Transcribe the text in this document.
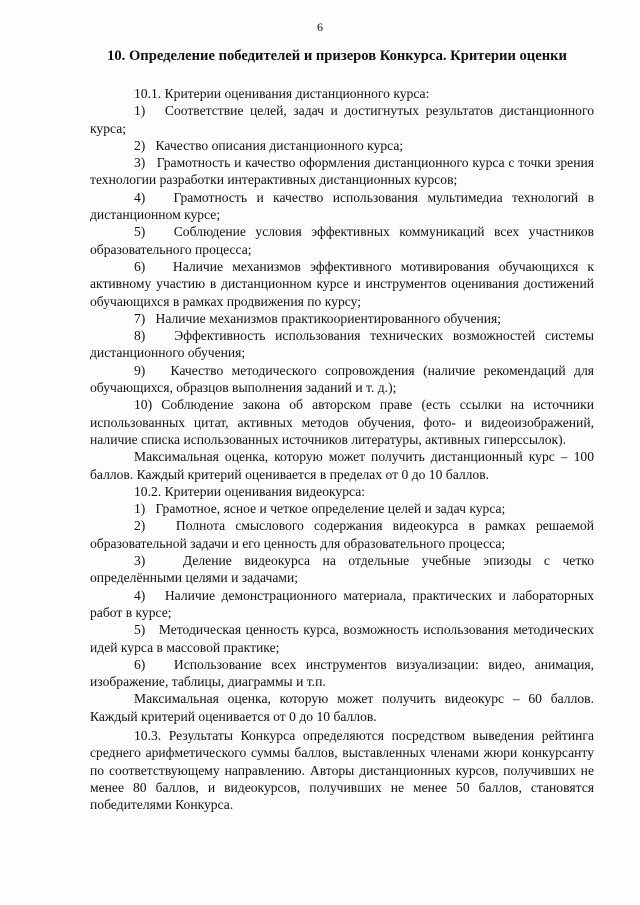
6
10. Определение победителей и призеров Конкурса. Критерии оценки

10.1. Критерии оценивания дистанционного курса:

1)   Соответствие целей, задач и достигнутых результатов дистанционного курса;

2)   Качество описания дистанционного курса;

3)   Грамотность и качество оформления дистанционного курса с точки зрения технологии разработки интерактивных дистанционных курсов;

4)   Грамотность и качество использования мультимедиа технологий в дистанционном курсе;

5)   Соблюдение условия эффективных коммуникаций всех участников образовательного процесса;

6)   Наличие механизмов эффективного мотивирования обучающихся к активному участию в дистанционном курсе и инструментов оценивания достижений обучающихся в рамках продвижения по курсу;

7)   Наличие механизмов практикоориентированного обучения;

8)   Эффективность использования технических возможностей системы дистанционного обучения;

9)   Качество методического сопровождения (наличие рекомендаций для обучающихся, образцов выполнения заданий и т. д.);

10) Соблюдение закона об авторском праве (есть ссылки на источники использованных цитат, активных методов обучения, фото- и видеоизображений, наличие списка использованных источников литературы, активных гиперссылок).

Максимальная оценка, которую может получить дистанционный курс – 100 баллов. Каждый критерий оценивается в пределах от 0 до 10 баллов.

10.2. Критерии оценивания видеокурса:

1)   Грамотное, ясное и четкое определение целей и задач курса;

2)   Полнота смыслового содержания видеокурса в рамках решаемой образовательной задачи и его ценность для образовательного процесса;

3)   Деление видеокурса на отдельные учебные эпизоды с четко определёнными целями и задачами;

4)   Наличие демонстрационного материала, практических и лабораторных работ в курсе;

5)   Методическая ценность курса, возможность использования методических идей курса в массовой практике;

6)   Использование всех инструментов визуализации: видео, анимация, изображение, таблицы, диаграммы и т.п.

Максимальная оценка, которую может получить видеокурс – 60 баллов. Каждый критерий оценивается от 0 до 10 баллов.

10.3. Результаты Конкурса определяются посредством выведения рейтинга среднего арифметического суммы баллов, выставленных членами жюри конкурсанту по соответствующему направлению. Авторы дистанционных курсов, получивших не менее 80 баллов, и видеокурсов, получивших не менее 50 баллов, становятся победителями Конкурса.
